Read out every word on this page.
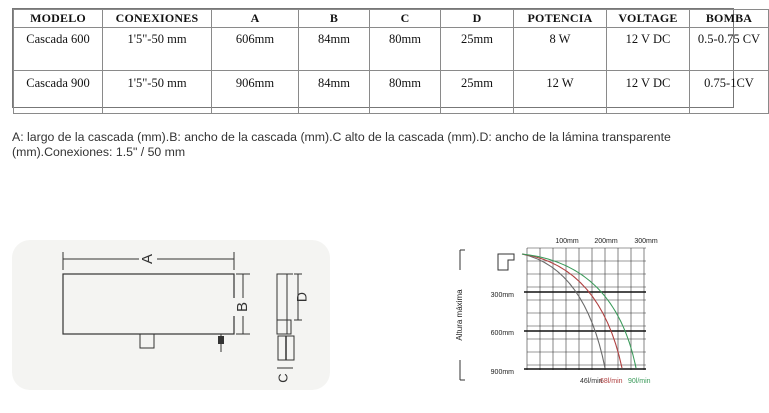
MODELO	CONEXIONES	A	B	C	D	POTENCIA	VOLTAGE	BOMBA
Cascada 600	1'5"-50 mm	606mm	84mm	80mm	25mm	8 W	12 V DC	0.5-0.75 CV
Cascada 900	1'5"-50 mm	906mm	84mm	80mm	25mm	12 W	12 V DC	0.75-1CV
A: largo de la cascada (mm).B: ancho de la cascada (mm).C alto de la cascada (mm).D: ancho de la lámina transparente (mm).Conexiones: 1.5" / 50 mm
A
B
D
C
100mm 200mm 300mm
300mm
600mm
900mm
Altura máxima
46l/min
68l/min 90l/min
